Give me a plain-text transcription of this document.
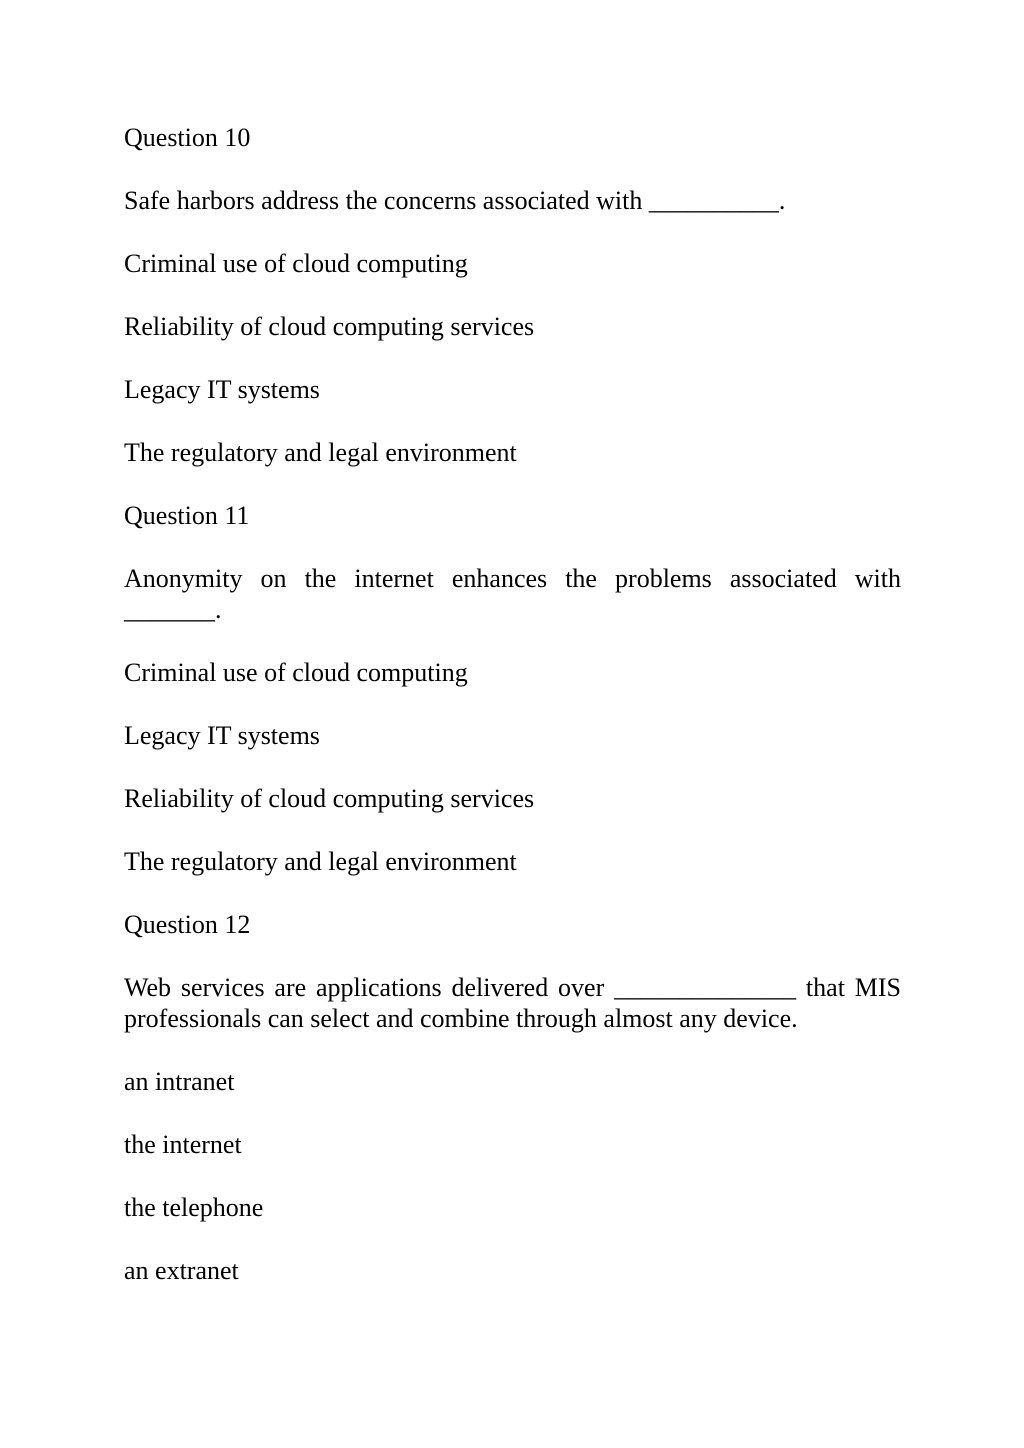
Question 10

Safe harbors address the concerns associated with __________.

Criminal use of cloud computing

Reliability of cloud computing services

Legacy IT systems

The regulatory and legal environment

Question 11

Anonymity on the internet enhances the problems associated with _______.

Criminal use of cloud computing

Legacy IT systems

Reliability of cloud computing services

The regulatory and legal environment

Question 12

Web services are applications delivered over ______________ that MIS professionals can select and combine through almost any device.

an intranet

the internet

the telephone

an extranet
